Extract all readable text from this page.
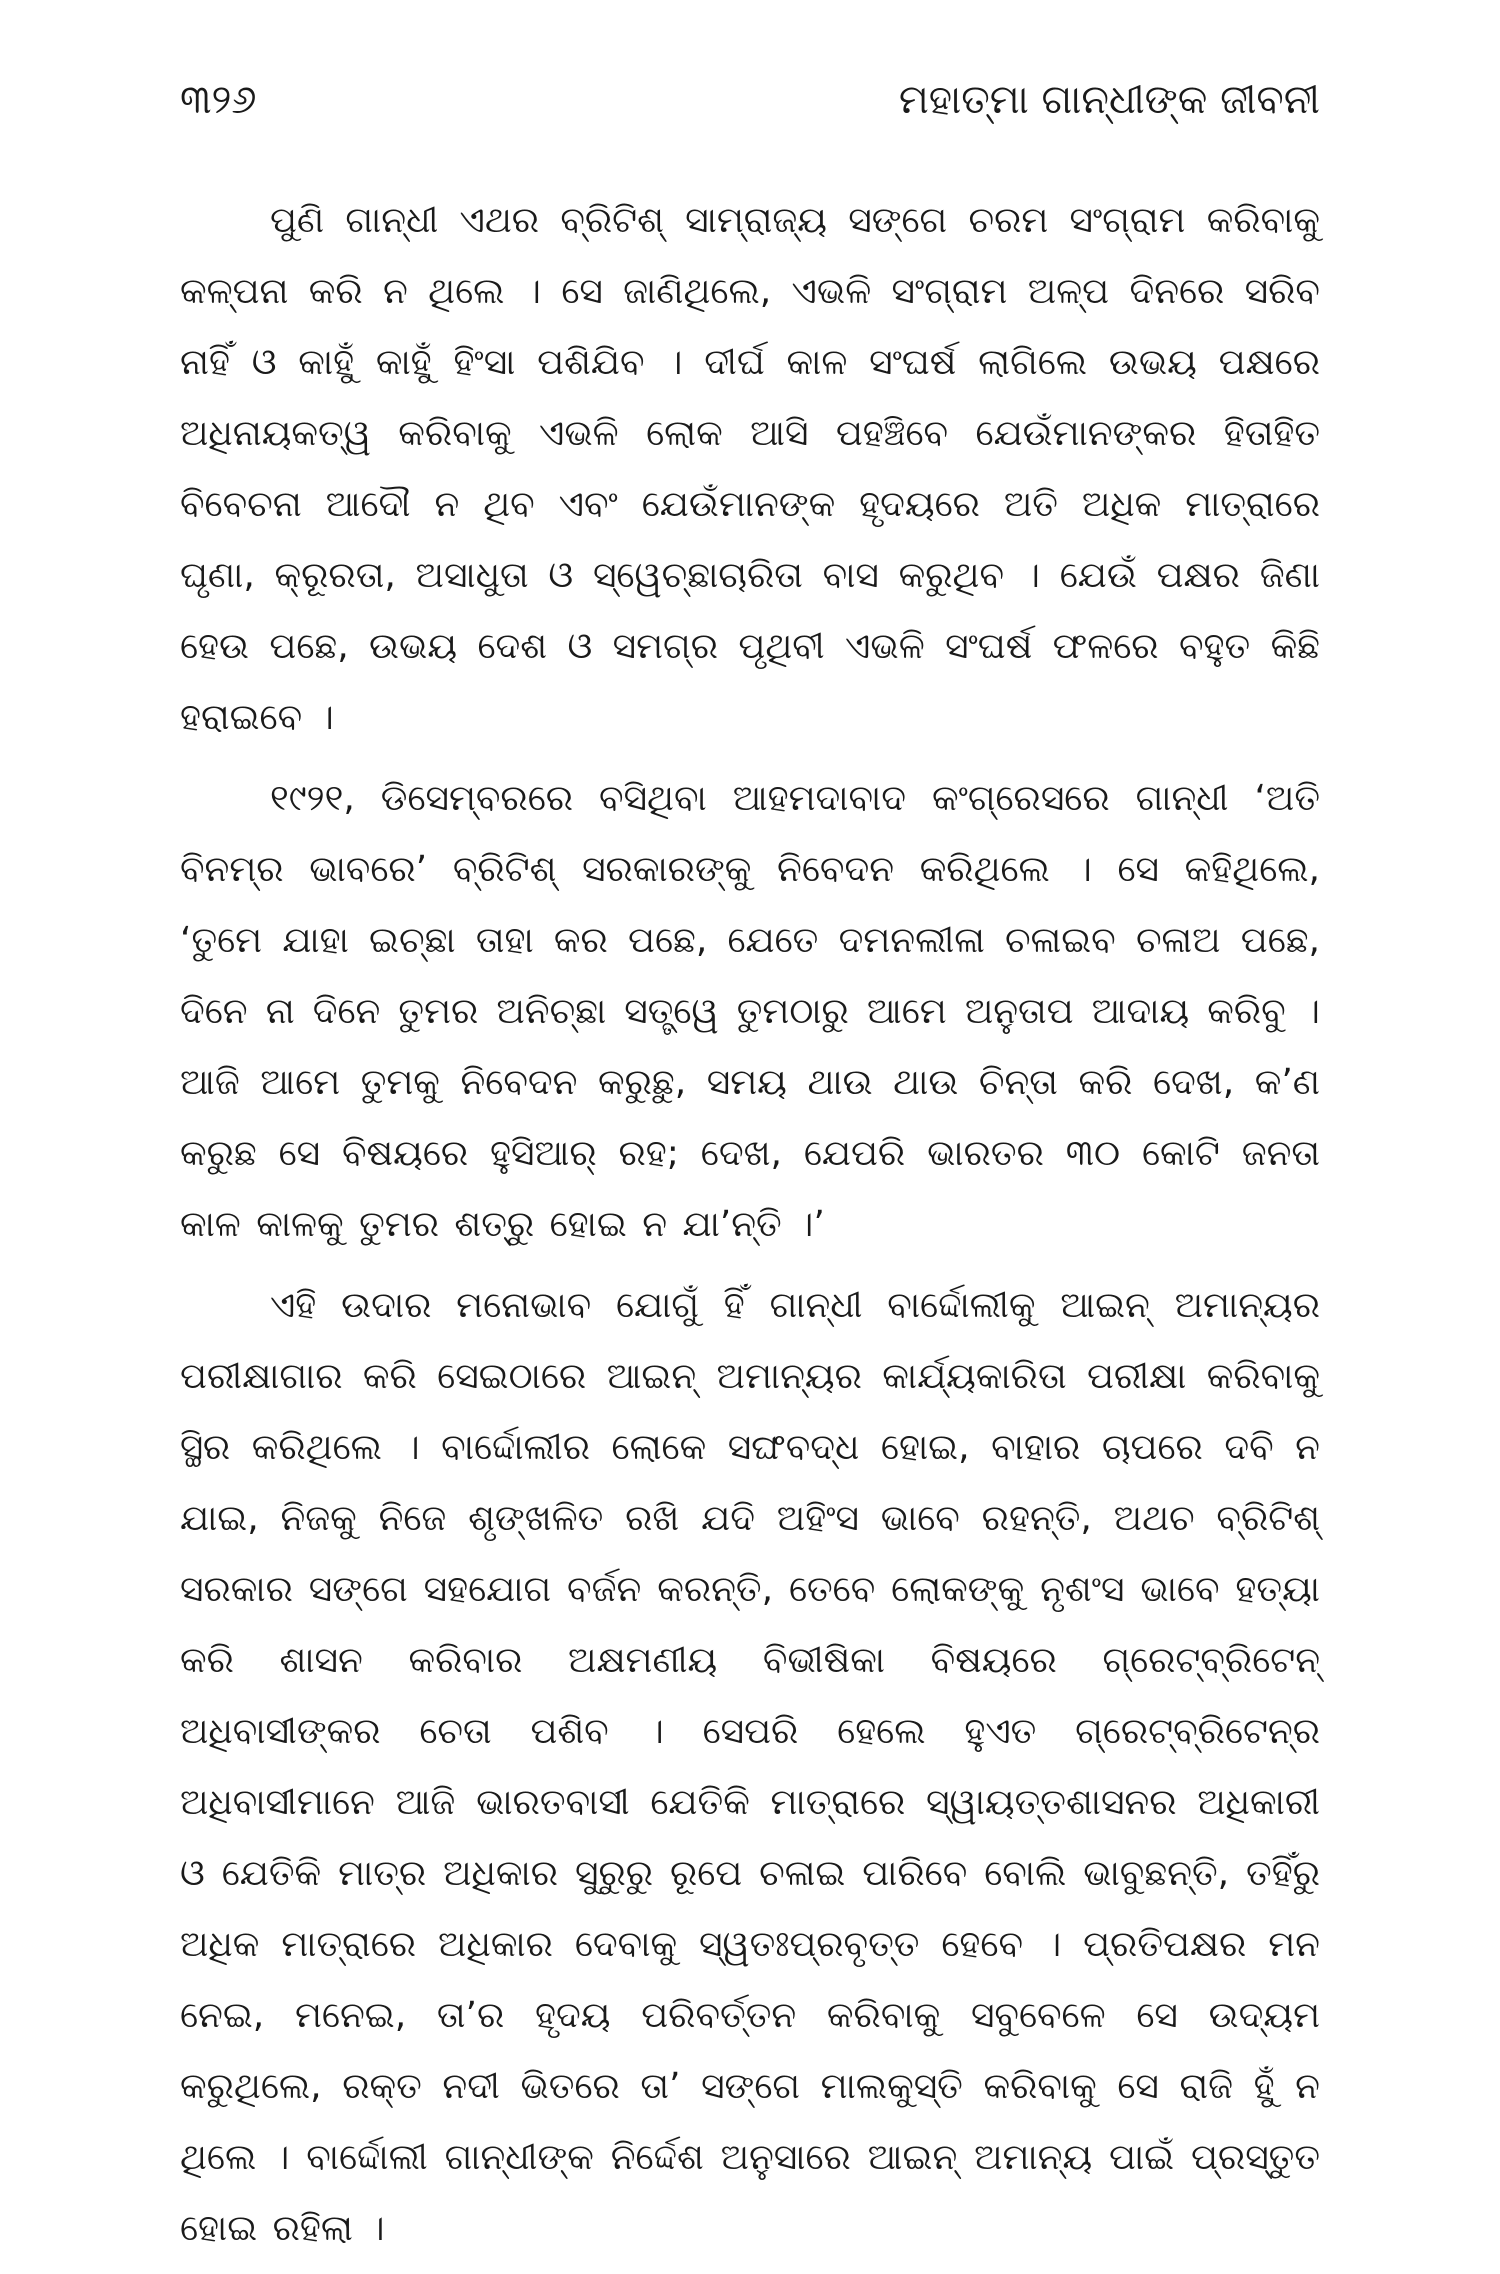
୩୨୬	ମହାତ୍ମା ଗାନ୍ଧୀଙ୍କ ଜୀବନୀ

ପୁଣି ଗାନ୍ଧୀ ଏଥର ବ୍ରିଟିଶ୍ ସାମ୍ରାଜ୍ୟ ସଙ୍ଗେ ଚରମ ସଂଗ୍ରାମ କରିବାକୁ କଳ୍ପନା କରି ନ ଥିଲେ । ସେ ଜାଣିଥିଲେ, ଏଭଳି ସଂଗ୍ରାମ ଅଳ୍ପ ଦିନରେ ସରିବ ନାହିଁ ଓ କାହୁଁ କାହୁଁ ହିଂସା ପଶିଯିବ । ଦୀର୍ଘ କାଳ ସଂଘର୍ଷ ଲାଗିଲେ ଉଭୟ ପକ୍ଷରେ ଅଧିନାୟକତ୍ୱ କରିବାକୁ ଏଭଳି ଲୋକ ଆସି ପହଞ୍ଚିବେ ଯେଉଁମାନଙ୍କର ହିତାହିତ ବିବେଚନା ଆଦୌ ନ ଥିବ ଏବଂ ଯେଉଁମାନଙ୍କ ହୃଦୟରେ ଅତି ଅଧିକ ମାତ୍ରାରେ ଘୃଣା, କ୍ରୂରତା, ଅସାଧୁତା ଓ ସ୍ୱେଚ୍ଛାଚାରିତା ବାସ କରୁଥିବ । ଯେଉଁ ପକ୍ଷର ଜିଣା ହେଉ ପଛେ, ଉଭୟ ଦେଶ ଓ ସମଗ୍ର ପୃଥିବୀ ଏଭଳି ସଂଘର୍ଷ ଫଳରେ ବହୁତ କିଛି ହରାଇବେ ।

୧୯୨୧, ଡିସେମ୍ବରରେ ବସିଥିବା ଆହମଦାବାଦ କଂଗ୍ରେସରେ ଗାନ୍ଧୀ ‘ଅତି ବିନମ୍ର ଭାବରେ’ ବ୍ରିଟିଶ୍ ସରକାରଙ୍କୁ ନିବେଦନ କରିଥିଲେ । ସେ କହିଥିଲେ, ‘ତୁମେ ଯାହା ଇଚ୍ଛା ତାହା କର ପଛେ, ଯେତେ ଦମନଲୀଳା ଚଳାଇବ ଚଳାଅ ପଛେ, ଦିନେ ନା ଦିନେ ତୁମର ଅନିଚ୍ଛା ସତ୍ତ୍ୱେ ତୁମଠାରୁ ଆମେ ଅନୁତାପ ଆଦାୟ କରିବୁ । ଆଜି ଆମେ ତୁମକୁ ନିବେଦନ କରୁଛୁ, ସମୟ ଥାଉ ଥାଉ ଚିନ୍ତା କରି ଦେଖ, କ’ଣ କରୁଛ ସେ ବିଷୟରେ ହୁସିଆର୍ ରହ; ଦେଖ, ଯେପରି ଭାରତର ୩୦ କୋଟି ଜନତା କାଳ କାଳକୁ ତୁମର ଶତ୍ରୁ ହୋଇ ନ ଯା’ନ୍ତି ।’

ଏହି ଉଦାର ମନୋଭାବ ଯୋଗୁଁ ହିଁ ଗାନ୍ଧୀ ବାର୍ଦ୍ଦୋଲୀକୁ ଆଇନ୍ ଅମାନ୍ୟର ପରୀକ୍ଷାଗାର କରି ସେଇଠାରେ ଆଇନ୍ ଅମାନ୍ୟର କାର୍ଯ୍ୟକାରିତା ପରୀକ୍ଷା କରିବାକୁ ସ୍ଥିର କରିଥିଲେ । ବାର୍ଦ୍ଦୋଲୀର ଲୋକେ ସଙ୍ଘବଦ୍ଧ ହୋଇ, ବାହାର ଚାପରେ ଦବି ନ ଯାଇ, ନିଜକୁ ନିଜେ ଶୃଙ୍ଖଳିତ ରଖି ଯଦି ଅହିଂସ ଭାବେ ରହନ୍ତି, ଅଥଚ ବ୍ରିଟିଶ୍ ସରକାର ସଙ୍ଗେ ସହଯୋଗ ବର୍ଜନ କରନ୍ତି, ତେବେ ଲୋକଙ୍କୁ ନୃଶଂସ ଭାବେ ହତ୍ୟା କରି ଶାସନ କରିବାର ଅକ୍ଷମଣୀୟ ବିଭୀଷିକା ବିଷୟରେ ଗ୍ରେଟ୍‌ବ୍ରିଟେନ୍ ଅଧିବାସୀଙ୍କର ଚେତା ପଶିବ । ସେପରି ହେଲେ ହୁଏତ ଗ୍ରେଟ୍‌ବ୍ରିଟେନ୍‌ର ଅଧିବାସୀମାନେ ଆଜି ଭାରତବାସୀ ଯେତିକି ମାତ୍ରାରେ ସ୍ୱାୟତ୍ତଶାସନର ଅଧିକାରୀ ଓ ଯେତିକି ମାତ୍ର ଅଧିକାର ସୁରୁରୁ ରୂପେ ଚଳାଇ ପାରିବେ ବୋଲି ଭାବୁଛନ୍ତି, ତହିଁରୁ ଅଧିକ ମାତ୍ରାରେ ଅଧିକାର ଦେବାକୁ ସ୍ୱତଃପ୍ରବୃତ୍ତ ହେବେ । ପ୍ରତିପକ୍ଷର ମନ ନେଇ, ମନେଇ, ତା’ର ହୃଦୟ ପରିବର୍ତ୍ତନ କରିବାକୁ ସବୁବେଳେ ସେ ଉଦ୍ୟମ କରୁଥିଲେ, ରକ୍ତ ନଦୀ ଭିତରେ ତା’ ସଙ୍ଗେ ମାଲକୁସ୍ତି କରିବାକୁ ସେ ରାଜି ହୁଁ ନ ଥିଲେ । ବାର୍ଦ୍ଦୋଲୀ ଗାନ୍ଧୀଙ୍କ ନିର୍ଦ୍ଦେଶ ଅନୁସାରେ ଆଇନ୍ ଅମାନ୍ୟ ପାଇଁ ପ୍ରସ୍ତୁତ ହୋଇ ରହିଲା ।
